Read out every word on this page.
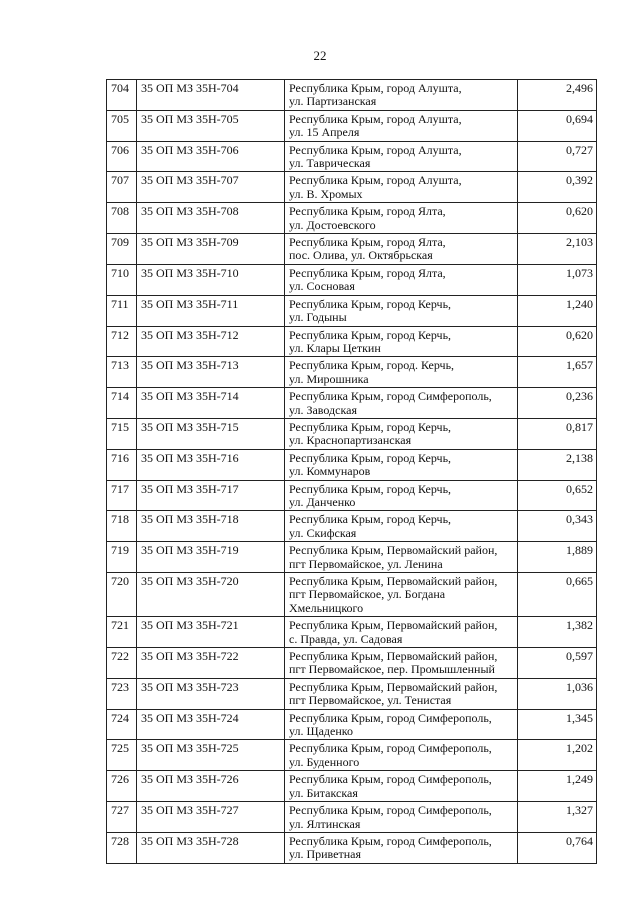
22
704	35 ОП МЗ 35Н-704	Республика Крым, город Алушта,
ул. Партизанская	2,496
705	35 ОП МЗ 35Н-705	Республика Крым, город Алушта,
ул. 15 Апреля	0,694
706	35 ОП МЗ 35Н-706	Республика Крым, город Алушта,
ул. Таврическая	0,727
707	35 ОП МЗ 35Н-707	Республика Крым, город Алушта,
ул. В. Хромых	0,392
708	35 ОП МЗ 35Н-708	Республика Крым, город Ялта,
ул. Достоевского	0,620
709	35 ОП МЗ 35Н-709	Республика Крым, город Ялта,
пос. Олива, ул. Октябрьская	2,103
710	35 ОП МЗ 35Н-710	Республика Крым, город Ялта,
ул. Сосновая	1,073
711	35 ОП МЗ 35Н-711	Республика Крым, город Керчь,
ул. Годыны	1,240
712	35 ОП МЗ 35Н-712	Республика Крым, город Керчь,
ул. Клары Цеткин	0,620
713	35 ОП МЗ 35Н-713	Республика Крым, город. Керчь,
ул. Мирошника	1,657
714	35 ОП МЗ 35Н-714	Республика Крым, город Симферополь,
ул. Заводская	0,236
715	35 ОП МЗ 35Н-715	Республика Крым, город Керчь,
ул. Краснопартизанская	0,817
716	35 ОП МЗ 35Н-716	Республика Крым, город Керчь,
ул. Коммунаров	2,138
717	35 ОП МЗ 35Н-717	Республика Крым, город Керчь,
ул. Данченко	0,652
718	35 ОП МЗ 35Н-718	Республика Крым, город Керчь,
ул. Скифская	0,343
719	35 ОП МЗ 35Н-719	Республика Крым, Первомайский район,
пгт Первомайское, ул. Ленина	1,889
720	35 ОП МЗ 35Н-720	Республика Крым, Первомайский район,
пгт Первомайское, ул. Богдана
Хмельницкого	0,665
721	35 ОП МЗ 35Н-721	Республика Крым, Первомайский район,
с. Правда, ул. Садовая	1,382
722	35 ОП МЗ 35Н-722	Республика Крым, Первомайский район,
пгт Первомайское, пер. Промышленный	0,597
723	35 ОП МЗ 35Н-723	Республика Крым, Первомайский район,
пгт Первомайское, ул. Тенистая	1,036
724	35 ОП МЗ 35Н-724	Республика Крым, город Симферополь,
ул. Щаденко	1,345
725	35 ОП МЗ 35Н-725	Республика Крым, город Симферополь,
ул. Буденного	1,202
726	35 ОП МЗ 35Н-726	Республика Крым, город Симферополь,
ул. Битакская	1,249
727	35 ОП МЗ 35Н-727	Республика Крым, город Симферополь,
ул. Ялтинская	1,327
728	35 ОП МЗ 35Н-728	Республика Крым, город Симферополь,
ул. Приветная	0,764
